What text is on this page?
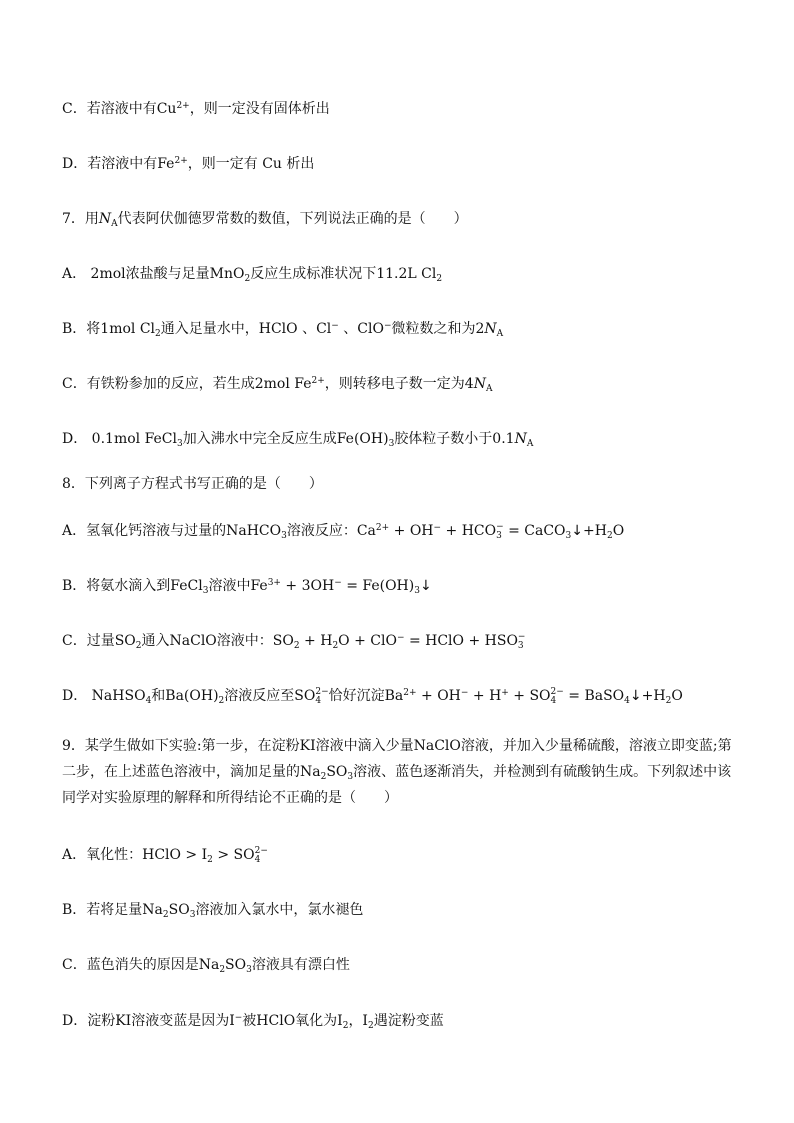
C．若溶液中有$Cu^{2+}$，则一定没有固体析出
D．若溶液中有$Fe^{2+}$，则一定有 Cu 析出
7．用$N_A$代表阿伏伽德罗常数的数值，下列说法正确的是（　　）
A． 2mol浓盐酸与足量MnO$_2$反应生成标准状况下11.2L $Cl_2$
B．将1mol $Cl_2$通入足量水中，HClO 、Cl− 、ClO−微粒数之和为$2N_A$
C．有铁粉参加的反应，若生成2mol $Fe^{2+}$，则转移电子数一定为$4N_A$
D． 0.1mol FeCl$_3$加入沸水中完全反应生成$Fe(OH)_3$胶体粒子数小于$0.1N_A$
8．下列离子方程式书写正确的是（　　）
A．氢氧化钙溶液与过量的NaHCO$_3$溶液反应：$Ca^{2+} + OH^-$ + HCO −
$3 = CaCO_3↓+H_2O$
B．将氨水滴入到FeCl$_3$溶液中$Fe^{3+} + 3OH^-$ = $Fe(OH)_3↓$
C．过量$SO_2$通入NaClO溶液中：$SO_2 + H_2O + ClO^-$ = HClO + HSO −
3
D． NaHSO$_4$和$Ba(OH)_2$溶液反应至SO 2−
4 恰好沉淀$Ba^{2+} + OH^- + H^+$ + SO 2−
$4 = BaSO_4↓+H_2O$
9．某学生做如下实验:第一步，在淀粉KI溶液中滴入少量NaClO溶液，并加入少量稀硫酸，溶液立即变蓝;第二步，在上述蓝色溶液中，滴加足量的$Na_2SO_3$溶液、蓝色逐渐消失，并检测到有硫酸钠生成。下列叙述中该同学对实验原理的解释和所得结论不正确的是（　　）
A．氧化性：HClO > $I_2$ > SO 2−
4
B．若将足量$Na_2SO_3$溶液加入氯水中，氯水褪色
C．蓝色消失的原因是$Na_2SO_3$溶液具有漂白性
D．淀粉KI溶液变蓝是因为I−被HClO氧化为$I_2$，$I_2$遇淀粉变蓝
